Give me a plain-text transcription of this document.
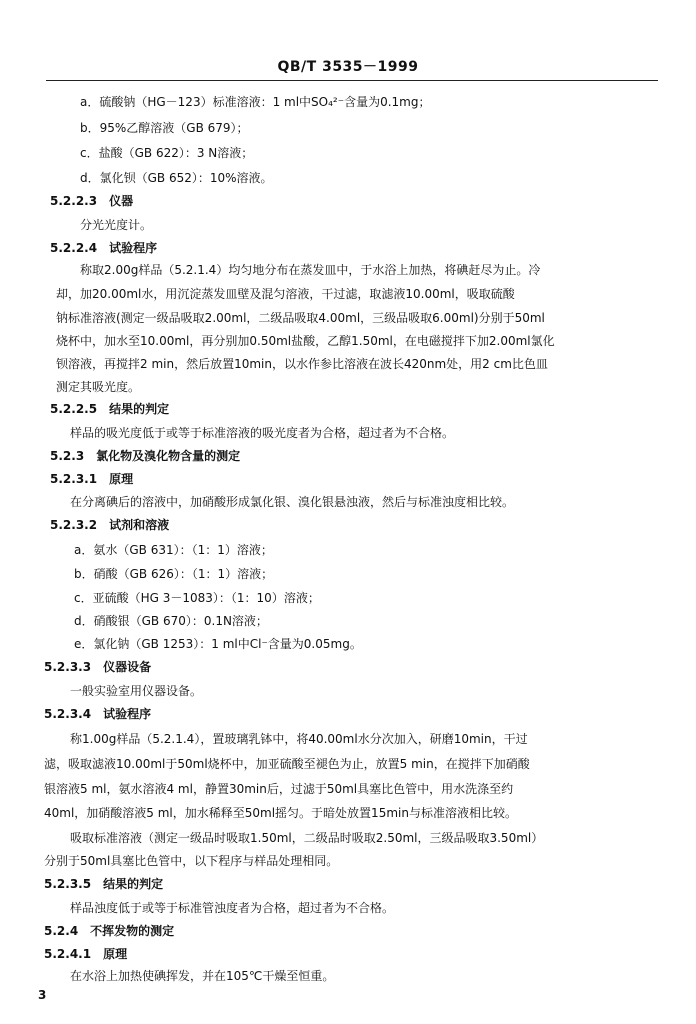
QB/T 3535－1999
a．硫酸钠（HG－123）标准溶液：1 ml中SO₄²⁻含量为0.1mg；
b．95%乙醇溶液（GB 679）；
c．盐酸（GB 622）：3 N溶液；
d．氯化钡（GB 652）：10%溶液。
5.2.2.3　仪器
分光光度计。
5.2.2.4　试验程序
称取2.00g样品（5.2.1.4）均匀地分布在蒸发皿中，于水浴上加热，将碘赶尽为止。冷
却，加20.00ml水，用沉淀蒸发皿壁及混匀溶液，干过滤，取滤液10.00ml，吸取硫酸
钠标准溶液(测定一级品吸取2.00ml，二级品吸取4.00ml，三级品吸取6.00ml)分别于50ml
烧杯中，加水至10.00ml，再分别加0.50ml盐酸，乙醇1.50ml，在电磁搅拌下加2.00ml氯化
钡溶液，再搅拌2 min，然后放置10min，以水作参比溶液在波长420nm处，用2 cm比色皿
测定其吸光度。
5.2.2.5　结果的判定
样品的吸光度低于或等于标准溶液的吸光度者为合格，超过者为不合格。
5.2.3　氯化物及溴化物含量的测定
5.2.3.1　原理
在分离碘后的溶液中，加硝酸形成氯化银、溴化银悬浊液，然后与标准浊度相比较。
5.2.3.2　试剂和溶液
a．氨水（GB 631）：（1：1）溶液；
b．硝酸（GB 626）：（1：1）溶液；
c．亚硫酸（HG 3－1083）：（1：10）溶液；
d．硝酸银（GB 670）：0.1N溶液；
e．氯化钠（GB 1253）：1 ml中Cl⁻含量为0.05mg。
5.2.3.3　仪器设备
一般实验室用仪器设备。
5.2.3.4　试验程序
称1.00g样品（5.2.1.4），置玻璃乳钵中，将40.00ml水分次加入，研磨10min，干过
滤，吸取滤液10.00ml于50ml烧杯中，加亚硫酸至褪色为止，放置5 min，在搅拌下加硝酸
银溶液5 ml，氨水溶液4 ml，静置30min后，过滤于50ml具塞比色管中，用水洗涤至约
40ml，加硝酸溶液5 ml，加水稀释至50ml摇匀。于暗处放置15min与标准溶液相比较。
吸取标准溶液（测定一级品时吸取1.50ml，二级品时吸取2.50ml，三级品吸取3.50ml）
分别于50ml具塞比色管中，以下程序与样品处理相同。
5.2.3.5　结果的判定
样品浊度低于或等于标准管浊度者为合格，超过者为不合格。
5.2.4　不挥发物的测定
5.2.4.1　原理
在水浴上加热使碘挥发，并在105℃干燥至恒重。
3
